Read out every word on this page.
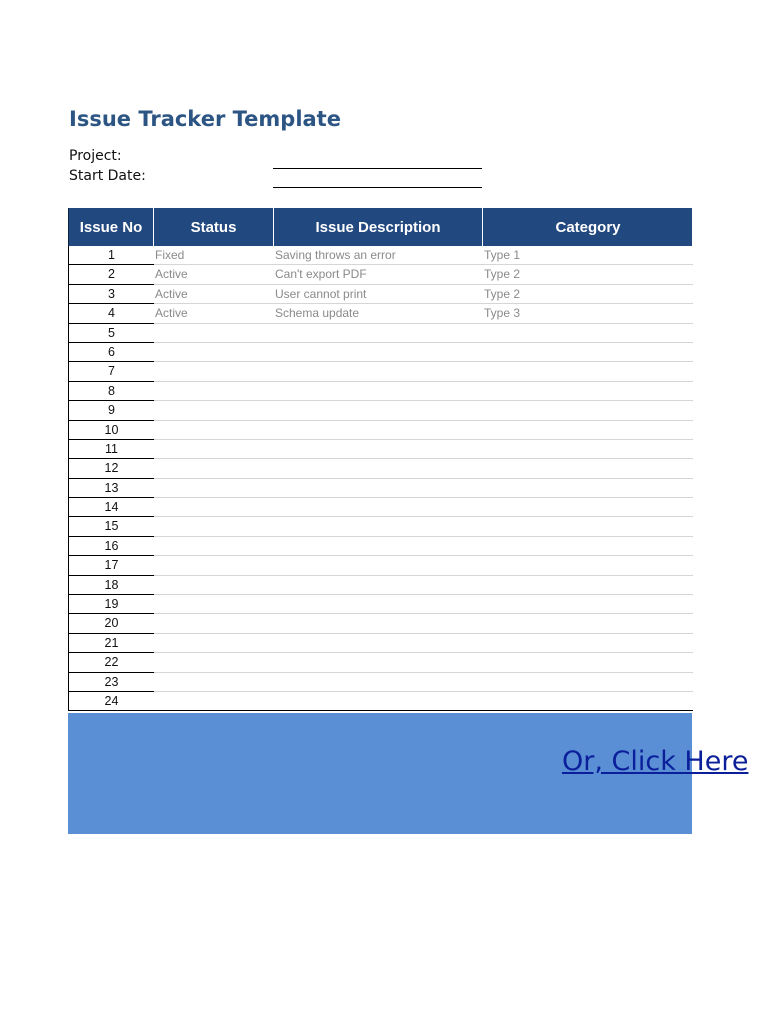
Issue Tracker Template
Project:
Start Date:
Issue No	Status	Issue Description	Category
1	Fixed	Saving throws an error	Type 1
2	Active	Can't export PDF	Type 2
3	Active	User cannot print	Type 2
4	Active	Schema update	Type 3
5
6
7
8
9
10
11
12
13
14
15
16
17
18
19
20
21
22
23
24
Or, Click Here
